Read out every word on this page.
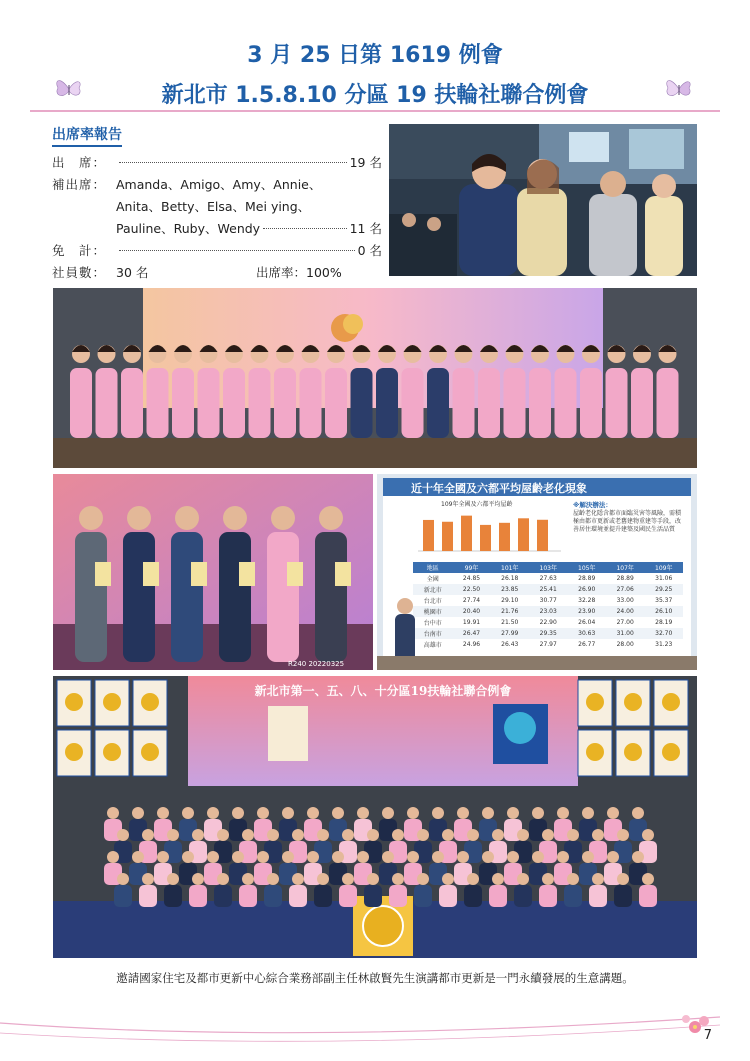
3 月 25 日第 1619 例會
新北市 1.5.8.10 分區 19 扶輪社聯合例會
出席率報告
出　席：	19 名
補出席： Amanda、Amigo、Amy、Annie、
Anita、Betty、Elsa、Mei ying、
Pauline、Ruby、Wendy	11 名
免　計：	0 名
社員數： 30 名	出席率： 100%
R240 20220325
近十年全國及六都平均屋齡老化現象
109年全國及六都平均屋齡	※解決辦法：
屋齡老化隱含都市面臨災害等風險，需積極由都市更新或老舊建物重建等手段，改善居住環境並提升建築及國民生活品質
地區	99年	101年	103年	105年	107年	109年
全國	24.85	26.18	27.63	28.89	28.89	31.06
新北市	22.50	23.85	25.41	26.90	27.06	29.25
台北市	27.74	29.10	30.77	32.28	33.00	35.37
桃園市	20.40	21.76	23.03	23.90	24.00	26.10
台中市	19.91	21.50	22.90	26.04	27.00	28.19
台南市	26.47	27.99	29.35	30.63	31.00	32.70
高雄市	24.96	26.43	27.97	26.77	28.00	31.23
新北市第一、五、八、十分區19扶輪社聯合例會
邀請國家住宅及都市更新中心綜合業務部副主任林啟賢先生演講都市更新是一門永續發展的生意講題。
7
